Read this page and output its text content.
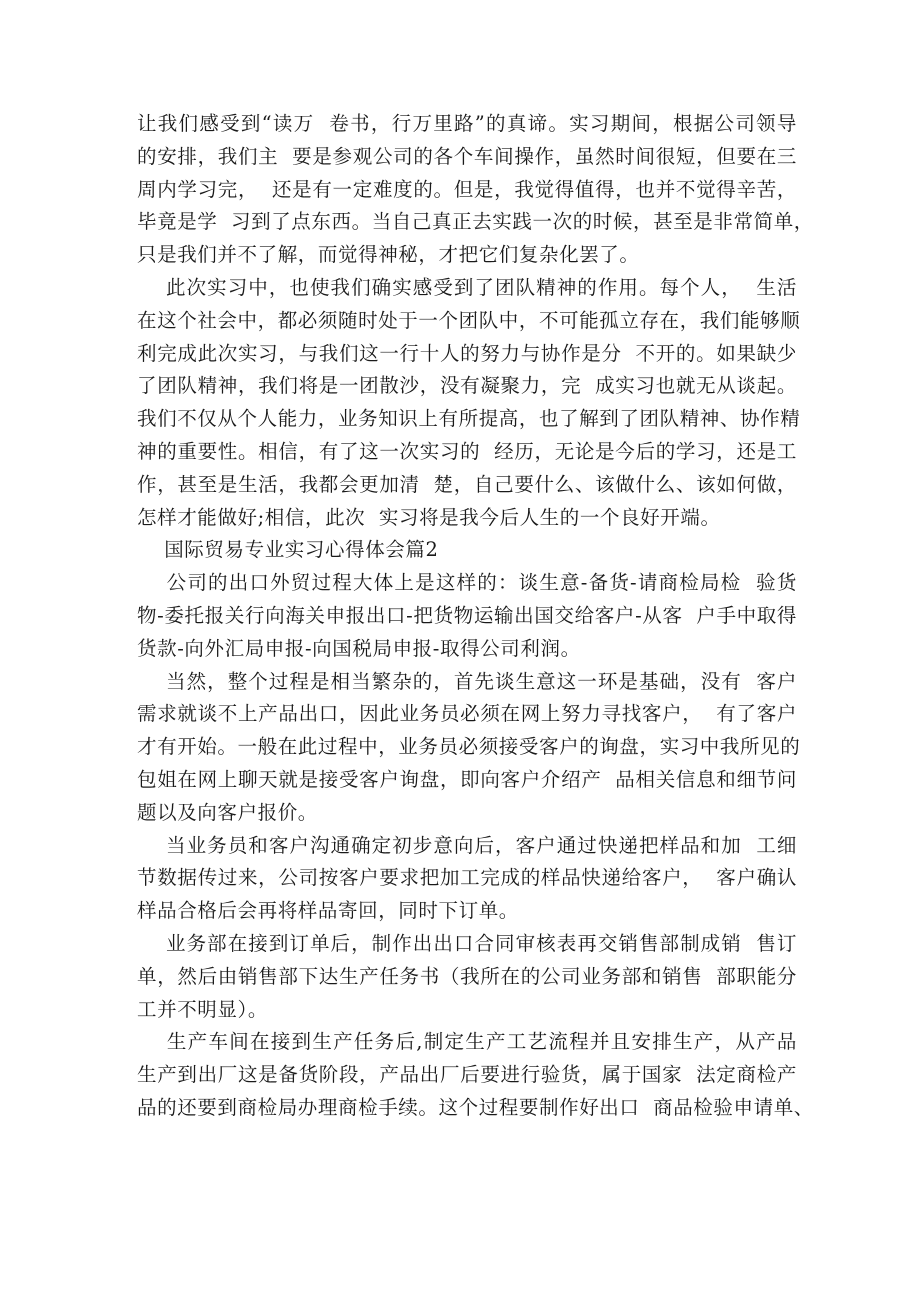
让我们感受到“读万  卷书，行万里路”的真谛。实习期间，根据公司领导
的安排，我们主  要是参观公司的各个车间操作，虽然时间很短，但要在三
周内学习完，  还是有一定难度的。但是，我觉得值得，也并不觉得辛苦，
毕竟是学  习到了点东西。当自己真正去实践一次的时候，甚至是非常简单，
只是我们并不了解，而觉得神秘，才把它们复杂化罢了。
此次实习中，也使我们确实感受到了团队精神的作用。每个人，  生活
在这个社会中，都必须随时处于一个团队中，不可能孤立存在，我们能够顺
利完成此次实习，与我们这一行十人的努力与协作是分  不开的。如果缺少
了团队精神，我们将是一团散沙，没有凝聚力，完  成实习也就无从谈起。
我们不仅从个人能力，业务知识上有所提高，也了解到了团队精神、协作精
神的重要性。相信，有了这一次实习的  经历，无论是今后的学习，还是工
作，甚至是生活，我都会更加清  楚，自己要什么、该做什么、该如何做，
怎样才能做好;相信，此次  实习将是我今后人生的一个良好开端。
国际贸易专业实习心得体会篇2
公司的出口外贸过程大体上是这样的：谈生意-备货-请商检局检  验货
物-委托报关行向海关申报出口-把货物运输出国交给客户-从客  户手中取得
货款-向外汇局申报-向国税局申报-取得公司利润。
当然，整个过程是相当繁杂的，首先谈生意这一环是基础，没有  客户
需求就谈不上产品出口，因此业务员必须在网上努力寻找客户，  有了客户
才有开始。一般在此过程中，业务员必须接受客户的询盘，实习中我所见的
包姐在网上聊天就是接受客户询盘，即向客户介绍产  品相关信息和细节问
题以及向客户报价。
当业务员和客户沟通确定初步意向后，客户通过快递把样品和加  工细
节数据传过来，公司按客户要求把加工完成的样品快递给客户，  客户确认
样品合格后会再将样品寄回，同时下订单。
业务部在接到订单后，制作出出口合同审核表再交销售部制成销  售订
单，然后由销售部下达生产任务书（我所在的公司业务部和销售  部职能分
工并不明显）。
生产车间在接到生产任务后,制定生产工艺流程并且安排生产，从产品
生产到出厂这是备货阶段，产品出厂后要进行验货，属于国家  法定商检产
品的还要到商检局办理商检手续。这个过程要制作好出口  商品检验申请单、
